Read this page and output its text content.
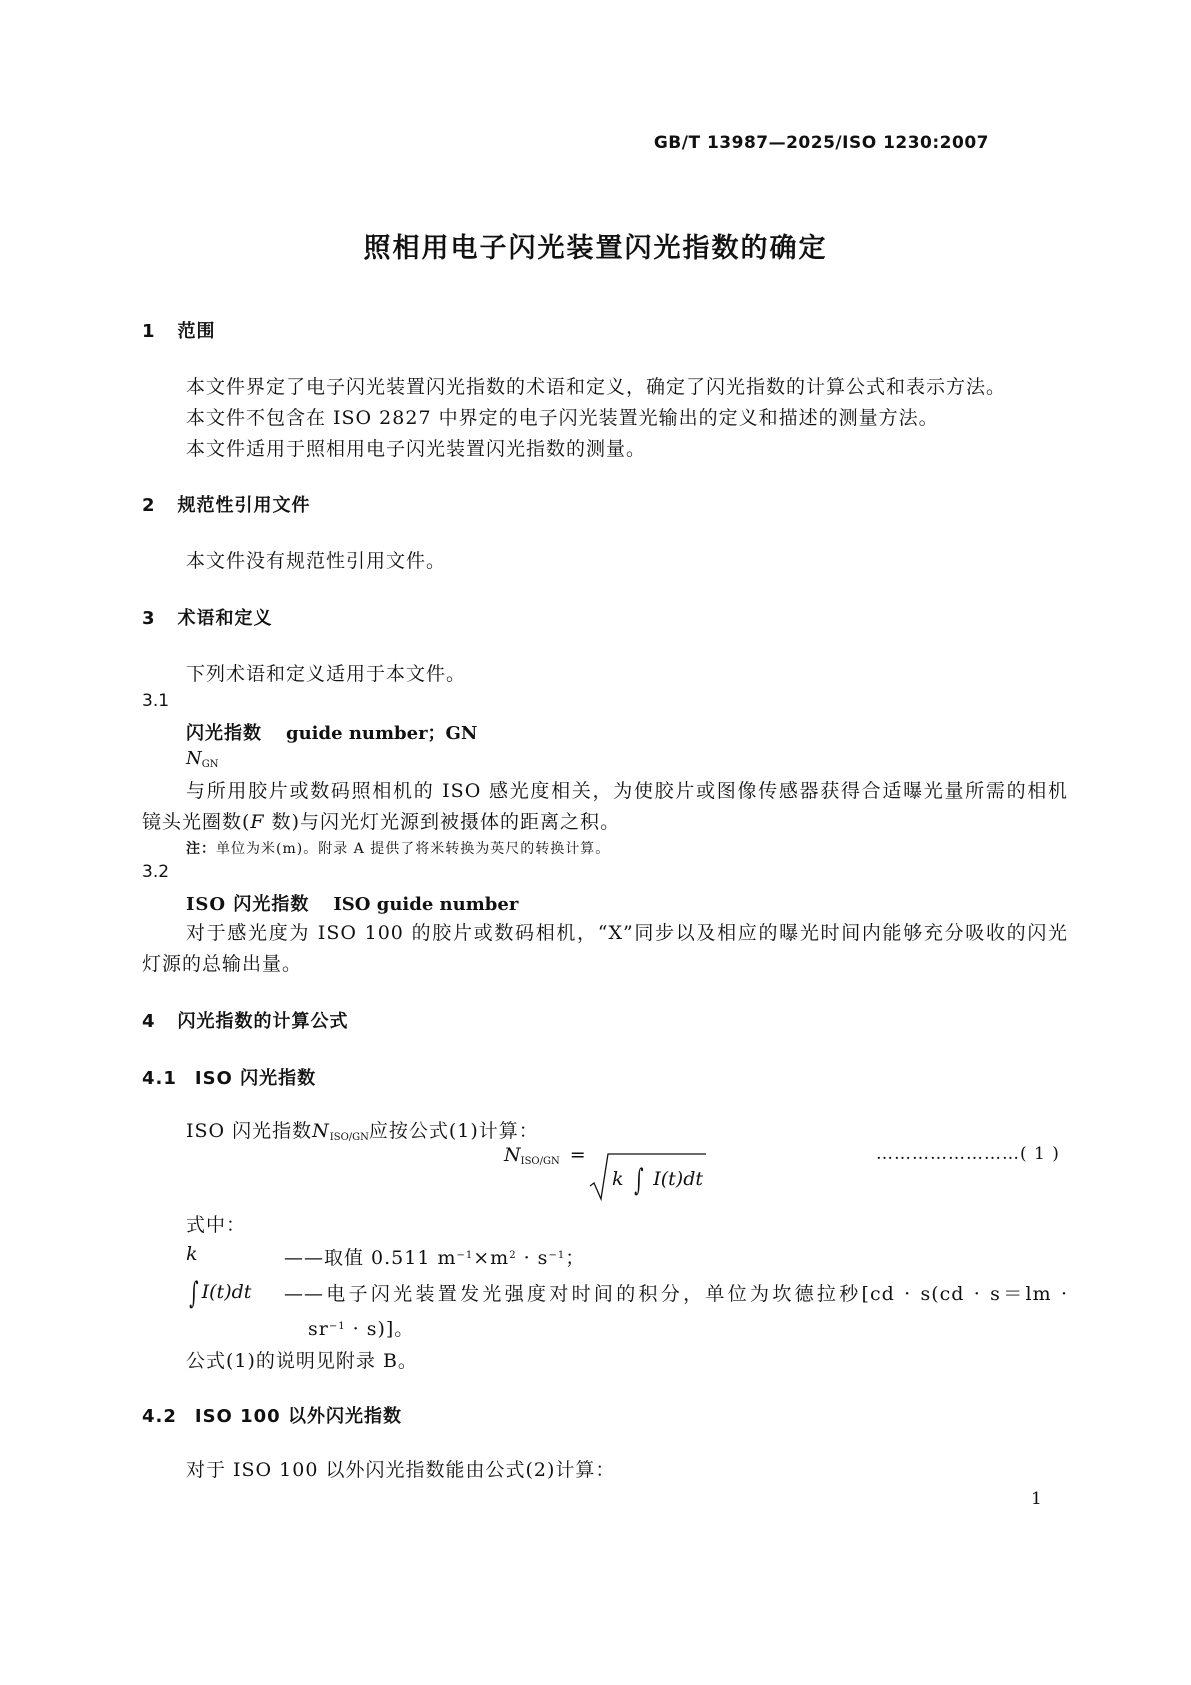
GB/T 13987—2025/ISO 1230:2007
照相用电子闪光装置闪光指数的确定
1 范围
本文件界定了电子闪光装置闪光指数的术语和定义，确定了闪光指数的计算公式和表示方法。
本文件不包含在 ISO 2827 中界定的电子闪光装置光输出的定义和描述的测量方法。
本文件适用于照相用电子闪光装置闪光指数的测量。
2 规范性引用文件
本文件没有规范性引用文件。
3 术语和定义
下列术语和定义适用于本文件。
3.1
闪光指数 guide number；GN
$N_{GN}$
与所用胶片或数码照相机的 ISO 感光度相关，为使胶片或图像传感器获得合适曝光量所需的相机
镜头光圈数(F 数)与闪光灯光源到被摄体的距离之积。
注：单位为米(m)。附录 A 提供了将米转换为英尺的转换计算。
3.2
ISO 闪光指数 ISO guide number
对于感光度为 ISO 100 的胶片或数码相机，“X”同步以及相应的曝光时间内能够充分吸收的闪光
灯源的总输出量。
4 闪光指数的计算公式
4.1 ISO 闪光指数
ISO 闪光指数$N_{ISO/GN}$应按公式(1)计算：
$N_{ISO/GN}$ =
k ∫ I(t)dt
……………………( 1 )
式中：
k	——取值 0.511 $m^{-1}\times m^2 \cdot s^{-1}$；
∫ I(t)dt ——电子闪光装置发光强度对时间的积分，单位为坎德拉秒[cd · s(cd · s＝lm ·
$sr^{-1} \cdot s$)]。
公式(1)的说明见附录 B。
4.2 ISO 100 以外闪光指数
对于 ISO 100 以外闪光指数能由公式(2)计算：
1
